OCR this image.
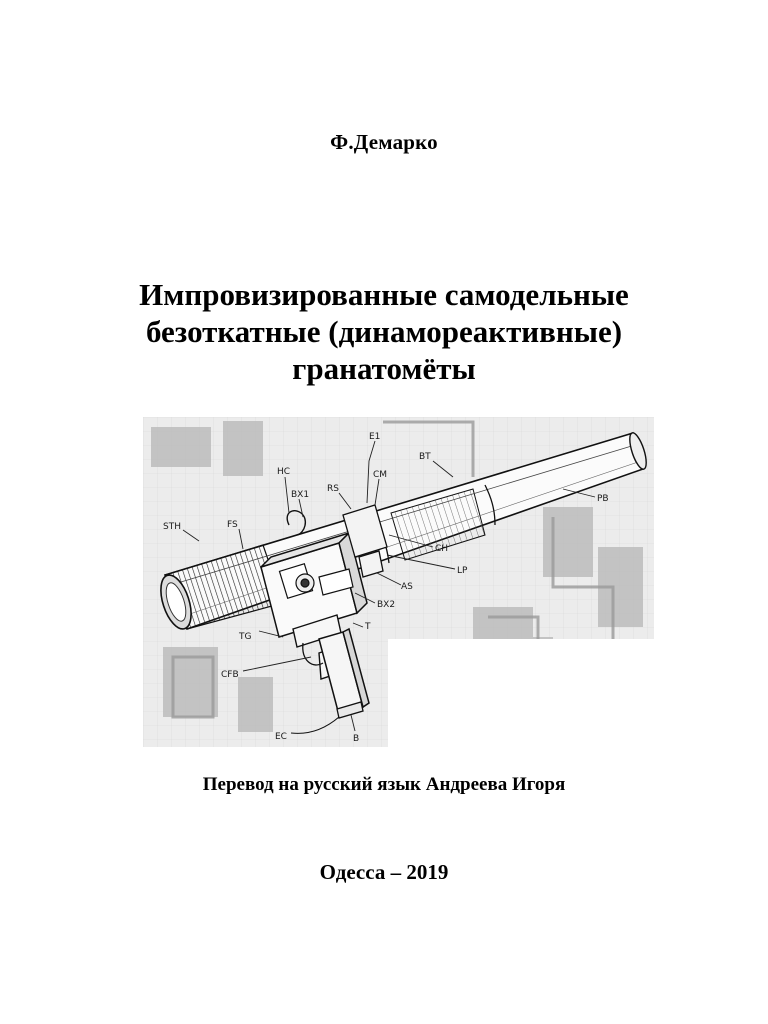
Ф.Демарко
Импровизированные самодельные
безоткатные (динамореактивные)
гранатомёты
STH	FS
HC
BX1
RS
E1
CM
BT
PB
CH
LP
AS
BX2
T
TG
CFB
EC	B
Перевод на русский язык Андреева Игоря
Одесса – 2019
